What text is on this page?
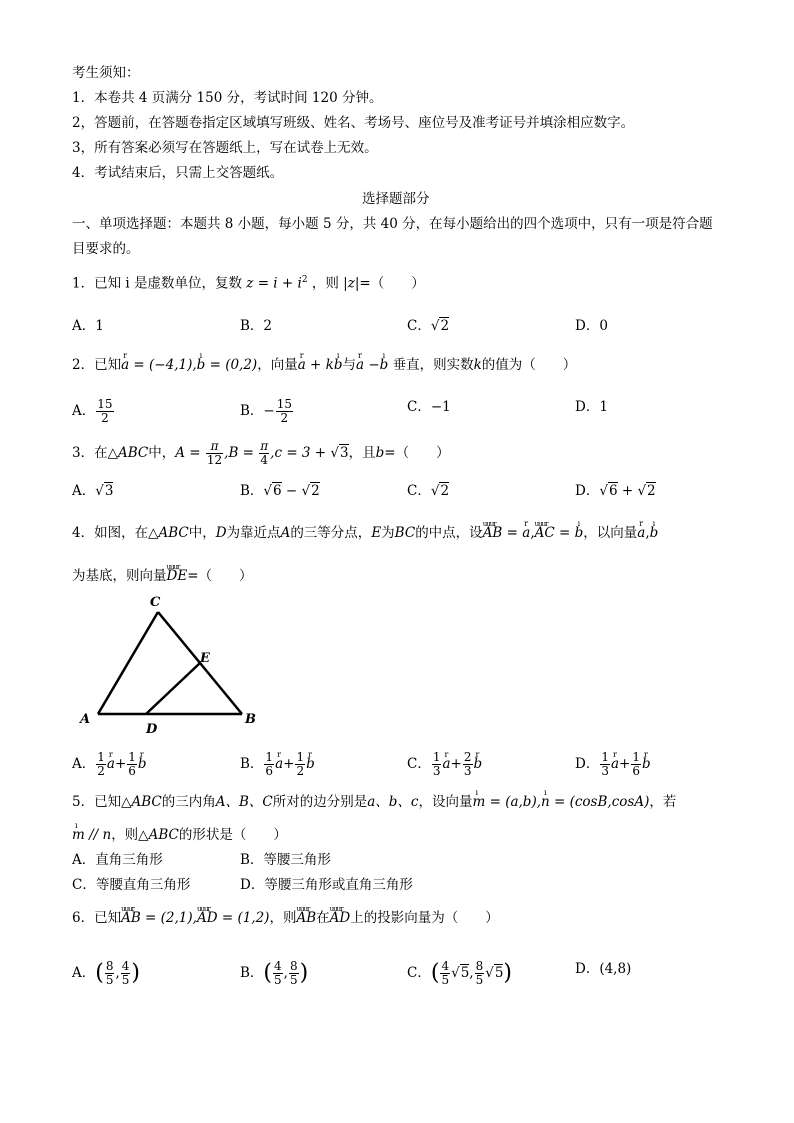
考生须知：
1．本卷共 4 页满分 150 分，考试时间 120 分钟。
2，答题前，在答题卷指定区域填写班级、姓名、考场号、座位号及准考证号并填涂相应数字。
3，所有答案必须写在答题纸上，写在试卷上无效。
4．考试结束后，只需上交答题纸。
选择题部分
一、单项选择题：本题共 8 小题，每小题 5 分，共 40 分，在每小题给出的四个选项中，只有一项是符合题
目要求的。
1．已知 i 是虚数单位，复数 $z = i + i^2$ ，则 |z|=（　　）
A．1	B．2	C．√2	D．0
2．已知r a = (−4,1),ı b = (0,2)，向量r a + kı b与r a −ı b 垂直，则实数k的值为（　　）
A． $\frac{15}{2}$	B．− $\frac{15}{2}$	C．−1	D．1
3．在△ABC中，$A = \frac{\pi}{12} ,B = \frac{\pi}{4} ,c = 3 + √3$，且b=（　　）
A．√3	B．√6 − √2	C．√2	D．√6 + √2
4．如图，在△ABC中，D为靠近点A的三等分点，E为BC的中点，设uuur AB = r a,uuur AC = ı b，以向量r a,ı b
为基底，则向量uuur DE=（　　）
A	B
C
D
E
A． $\frac{1}{2}$ r $a+ \frac{1}{6}$ r b	B． $\frac{1}{6}$ r $a+ \frac{1}{2}$ r b	C． $\frac{1}{3}$ r $a+ \frac{2}{3}$ r b	D． $\frac{1}{3}$ r $a+ \frac{1}{6}$ r b
5．已知△ABC的三内角A、B、C所对的边分别是a、b、c，设向量ı m = (a,b),ı n = (cosB,cosA)，若
ı m // n，则△ABC的形状是（　　）
A．直角三角形	B．等腰三角形
C．等腰直角三角形	D．等腰三角形或直角三角形
6．已知uuur AB = (2,1),uuur AD = (1,2)，则uuur AB在uuur AD上的投影向量为（　　）
A．( $\frac{8}{5}$ , $\frac{4}{5}$ )	B．( $\frac{4}{5}$ , $\frac{8}{5}$ )	C．( $\frac{4}{5} √5$, $\frac{8}{5} √5$)	D．(4,8)
